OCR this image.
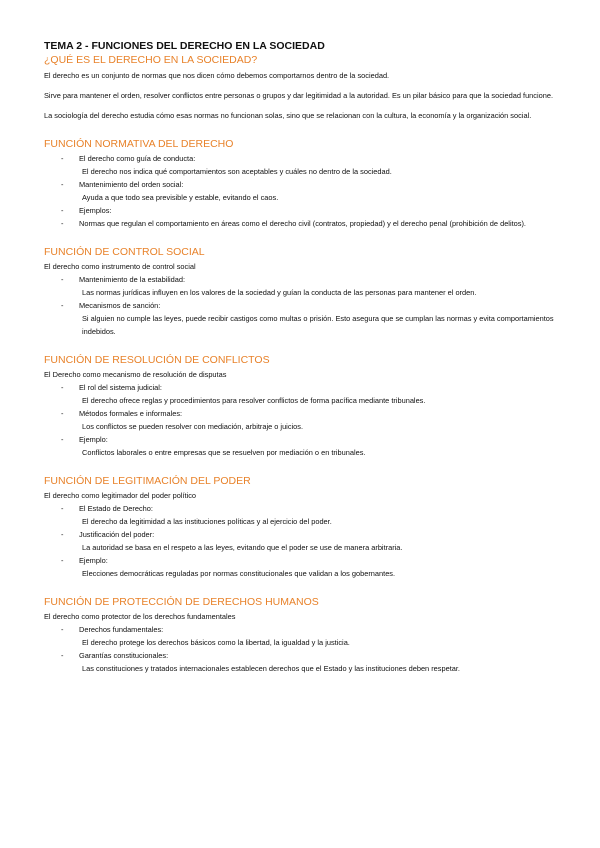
TEMA 2 - FUNCIONES DEL DERECHO EN LA SOCIEDAD

¿QUÉ ES EL DERECHO EN LA SOCIEDAD?

El derecho es un conjunto de normas que nos dicen cómo debemos comportarnos dentro de la sociedad.

Sirve para mantener el orden, resolver conflictos entre personas o grupos y dar legitimidad a la autoridad. Es un pilar básico para que la sociedad funcione.

La sociología del derecho estudia cómo esas normas no funcionan solas, sino que se relacionan con la cultura, la economía y la organización social.

FUNCIÓN NORMATIVA DEL DERECHO

- El derecho como guía de conducta:
El derecho nos indica qué comportamientos son aceptables y cuáles no dentro de la sociedad.
- Mantenimiento del orden social:
Ayuda a que todo sea previsible y estable, evitando el caos.
- Ejemplos:
- Normas que regulan el comportamiento en áreas como el derecho civil (contratos, propiedad) y el derecho penal (prohibición de delitos).

FUNCIÓN DE CONTROL SOCIAL

El derecho como instrumento de control social

- Mantenimiento de la estabilidad:
Las normas jurídicas influyen en los valores de la sociedad y guían la conducta de las personas para mantener el orden.
- Mecanismos de sanción:
Si alguien no cumple las leyes, puede recibir castigos como multas o prisión. Esto asegura que se cumplan las normas y evita comportamientos indebidos.

FUNCIÓN DE RESOLUCIÓN DE CONFLICTOS

El Derecho como mecanismo de resolución de disputas

- El rol del sistema judicial:
El derecho ofrece reglas y procedimientos para resolver conflictos de forma pacífica mediante tribunales.
- Métodos formales e informales:
Los conflictos se pueden resolver con mediación, arbitraje o juicios.
- Ejemplo:
Conflictos laborales o entre empresas que se resuelven por mediación o en tribunales.

FUNCIÓN DE LEGITIMACIÓN DEL PODER

El derecho como legitimador del poder político

- El Estado de Derecho:
El derecho da legitimidad a las instituciones políticas y al ejercicio del poder.
- Justificación del poder:
La autoridad se basa en el respeto a las leyes, evitando que el poder se use de manera arbitraria.
- Ejemplo:
Elecciones democráticas reguladas por normas constitucionales que validan a los gobernantes.

FUNCIÓN DE PROTECCIÓN DE DERECHOS HUMANOS

El derecho como protector de los derechos fundamentales

- Derechos fundamentales:
El derecho protege los derechos básicos como la libertad, la igualdad y la justicia.
- Garantías constitucionales:
Las constituciones y tratados internacionales establecen derechos que el Estado y las instituciones deben respetar.
